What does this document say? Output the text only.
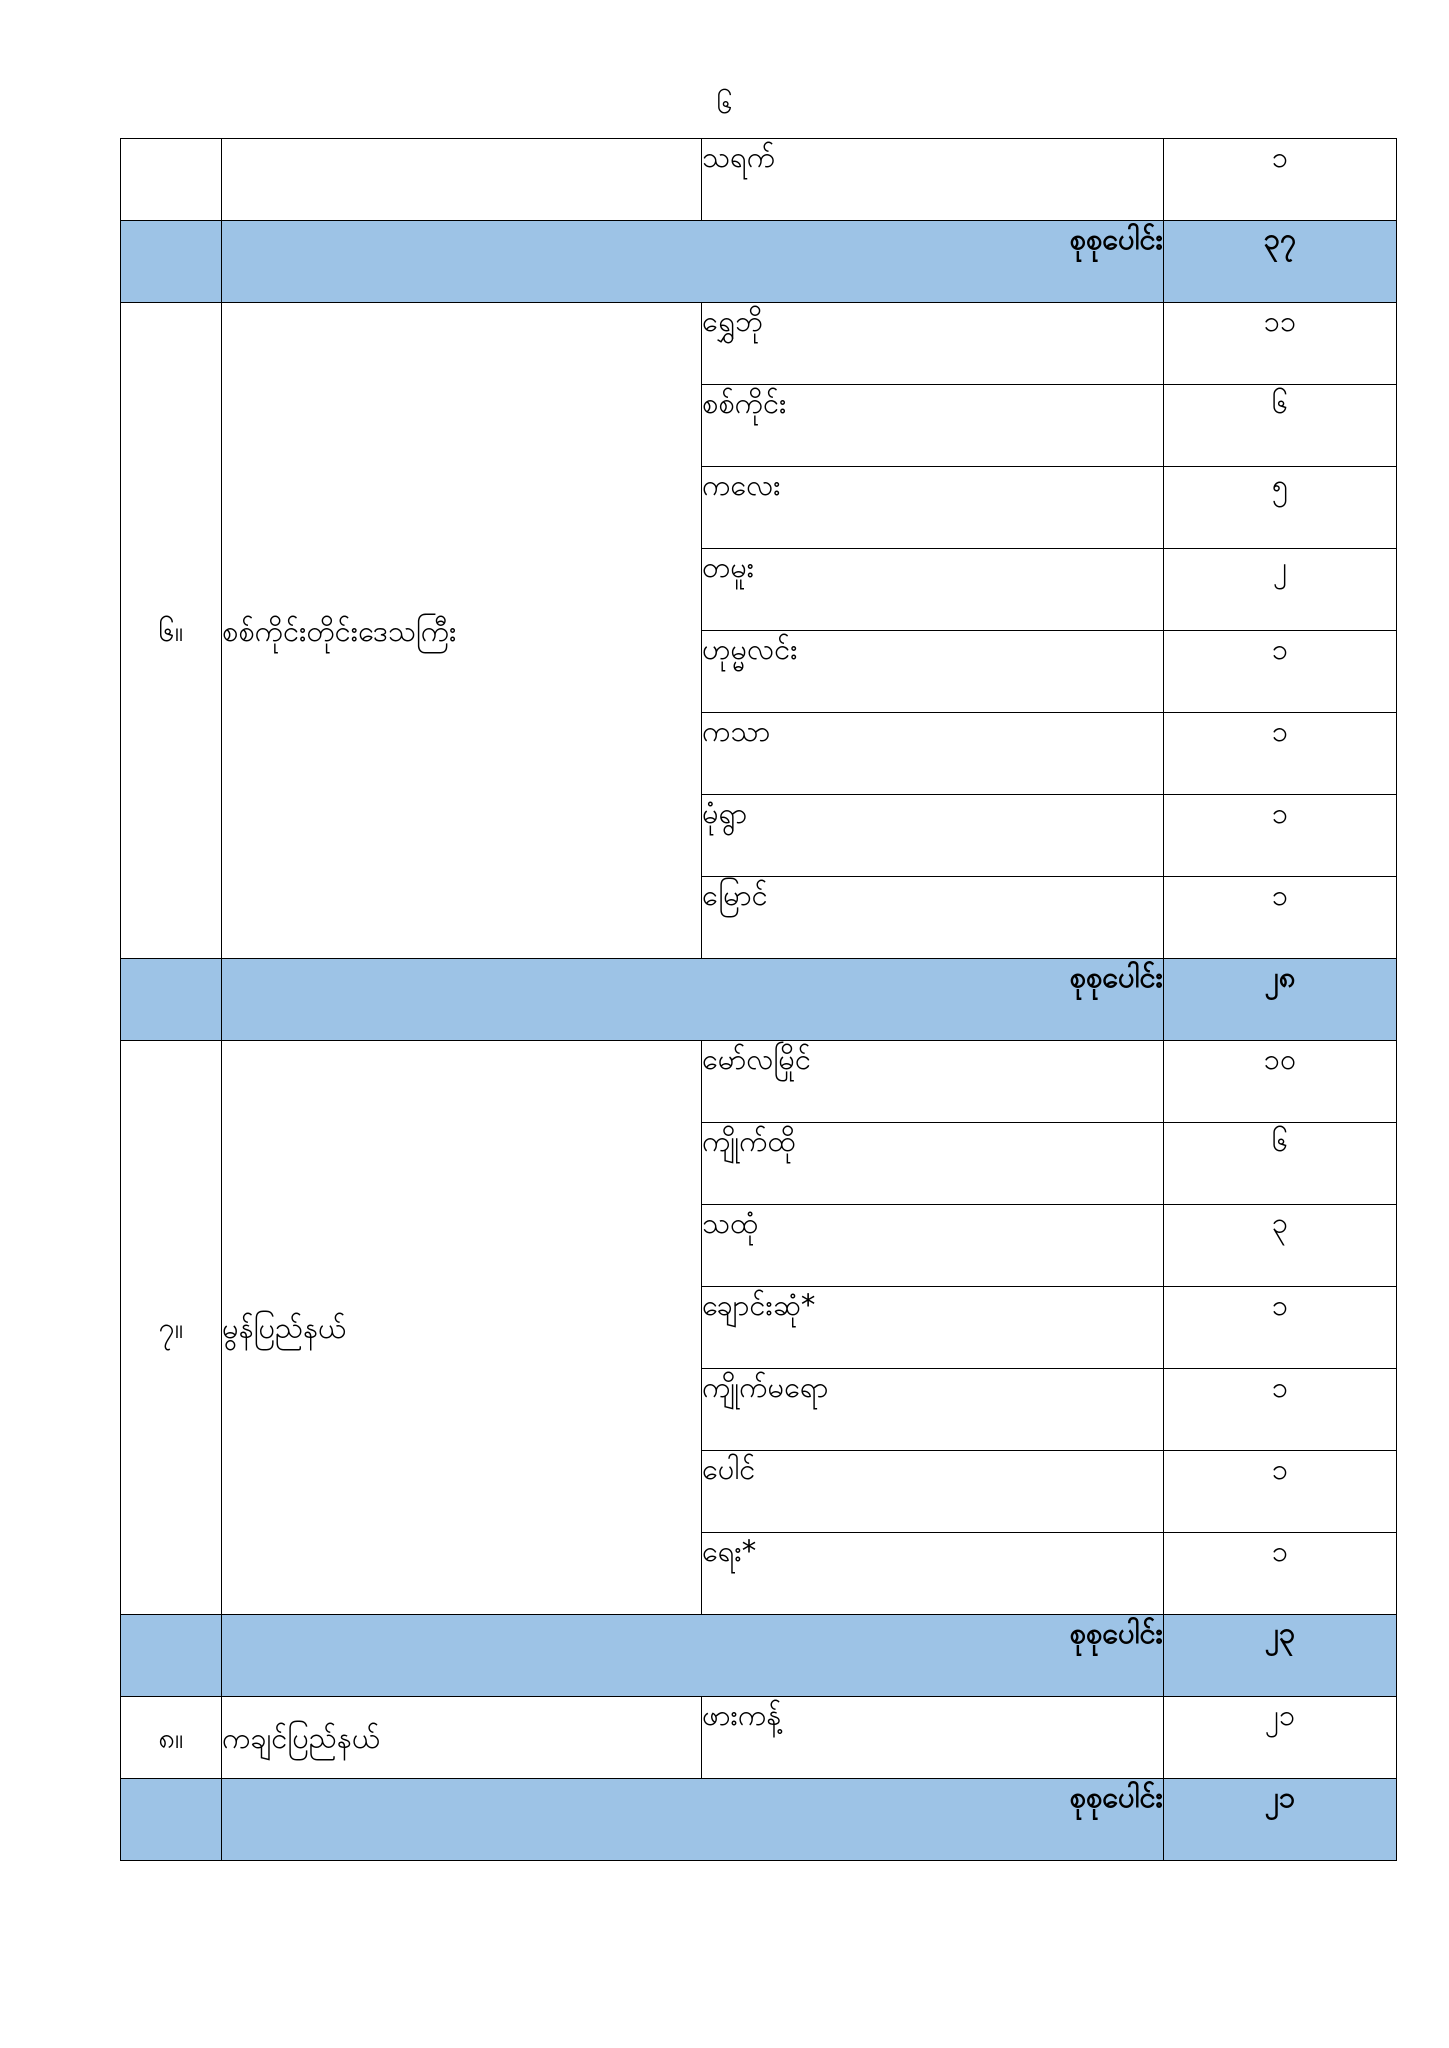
၆
		သရက်	၁
	စုစုပေါင်း		၃၇
၆။	စစ်ကိုင်းတိုင်းဒေသကြီး	ရွှေဘို	၁၁
		စစ်ကိုင်း	၆
		ကလေး	၅
		တမူး	၂
		ဟုမ္မလင်း	၁
		ကသာ	၁
		မုံရွာ	၁
		မြောင်	၁
	စုစုပေါင်း		၂၈
၇။	မွန်ပြည်နယ်	မော်လမြိုင်	၁၀
		ကျိုက်ထို	၆
		သထုံ	၃
		ချောင်းဆုံ*	၁
		ကျိုက်မရော	၁
		ပေါင်	၁
		ရေး*	၁
	စုစုပေါင်း		၂၃
၈။	ကချင်ပြည်နယ်	ဖားကန့်	၂၁
	စုစုပေါင်း		၂၁
